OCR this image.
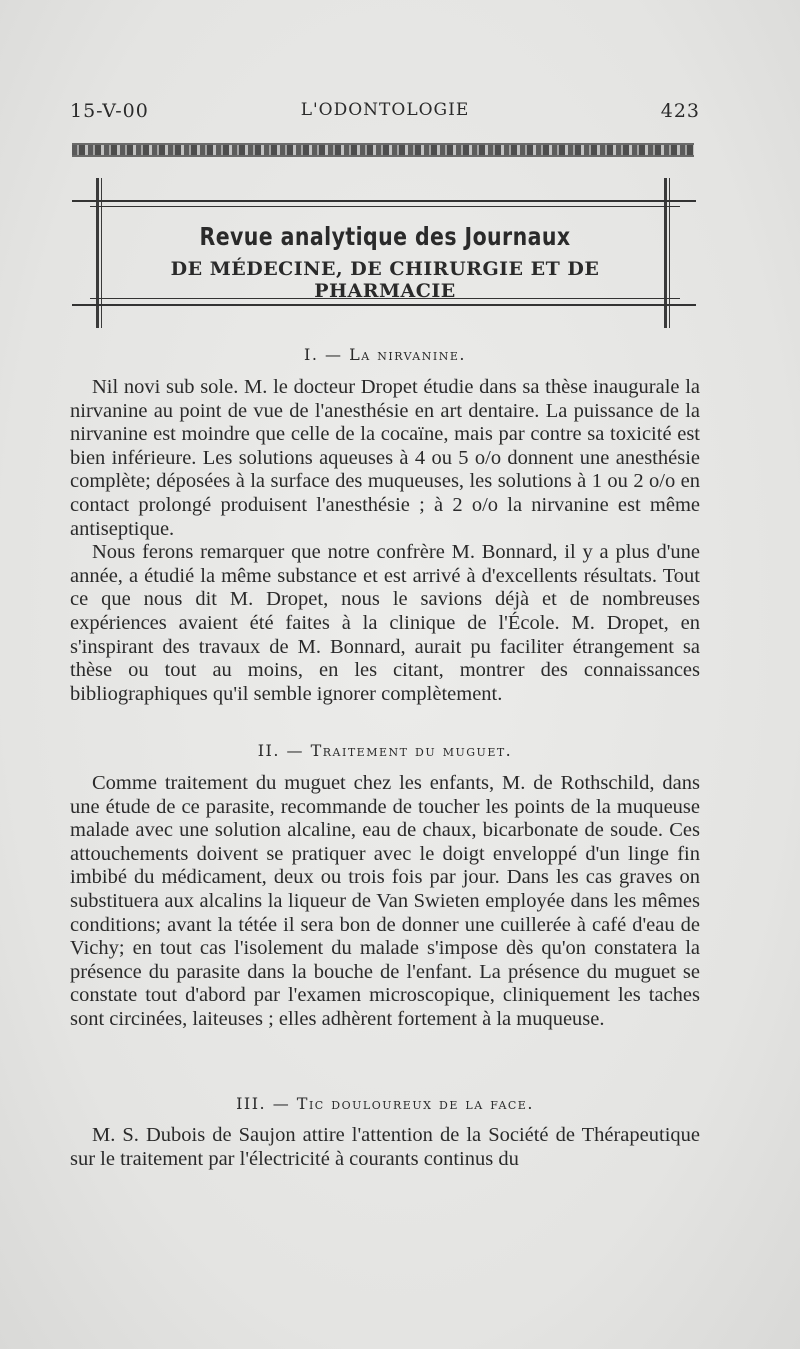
15-V-00	L'ODONTOLOGIE	423
Revue analytique des Journaux
DE MÉDECINE, DE CHIRURGIE ET DE PHARMACIE
I. — La nirvanine.

Nil novi sub sole. M. le docteur Dropet étudie dans sa thèse inaugurale la nirvanine au point de vue de l'anesthésie en art dentaire. La puissance de la nirvanine est moindre que celle de la cocaïne, mais par contre sa toxicité est bien inférieure. Les solutions aqueuses à 4 ou 5 o/o donnent une anesthésie complète; déposées à la surface des muqueuses, les solutions à 1 ou 2 o/o en contact prolongé produisent l'anesthésie ; à 2 o/o la nirvanine est même antiseptique.

Nous ferons remarquer que notre confrère M. Bonnard, il y a plus d'une année, a étudié la même substance et est arrivé à d'excellents résultats. Tout ce que nous dit M. Dropet, nous le savions déjà et de nombreuses expériences avaient été faites à la clinique de l'École. M. Dropet, en s'inspirant des travaux de M. Bonnard, aurait pu faciliter étrangement sa thèse ou tout au moins, en les citant, montrer des connaissances bibliographiques qu'il semble ignorer complètement.

II. — Traitement du muguet.

Comme traitement du muguet chez les enfants, M. de Rothschild, dans une étude de ce parasite, recommande de toucher les points de la muqueuse malade avec une solution alcaline, eau de chaux, bicarbonate de soude. Ces attouchements doivent se pratiquer avec le doigt enveloppé d'un linge fin imbibé du médicament, deux ou trois fois par jour. Dans les cas graves on substituera aux alcalins la liqueur de Van Swieten employée dans les mêmes conditions; avant la tétée il sera bon de donner une cuillerée à café d'eau de Vichy; en tout cas l'isolement du malade s'impose dès qu'on constatera la présence du parasite dans la bouche de l'enfant. La présence du muguet se constate tout d'abord par l'examen microscopique, cliniquement les taches sont circinées, laiteuses ; elles adhèrent fortement à la muqueuse.

III. — Tic douloureux de la face.

M. S. Dubois de Saujon attire l'attention de la Société de Thérapeutique sur le traitement par l'électricité à courants continus du
